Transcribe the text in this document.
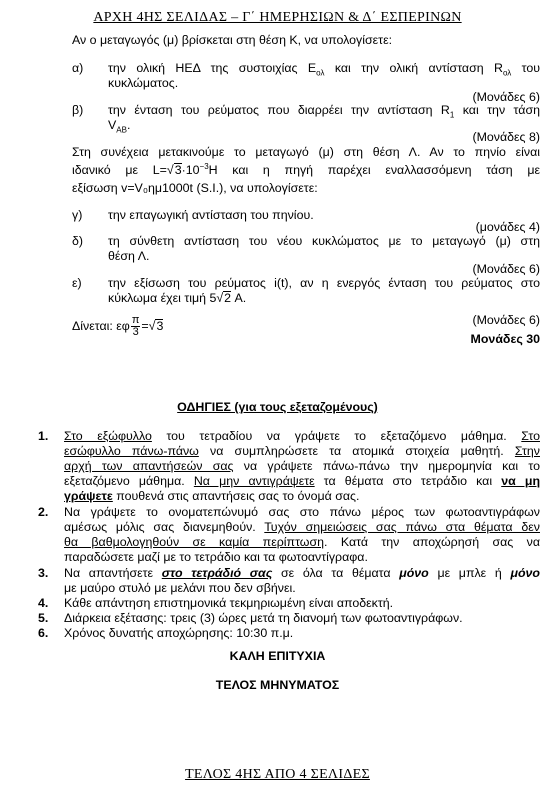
ΑΡΧΗ 4ΗΣ ΣΕΛΙΔΑΣ – Γ΄ ΗΜΕΡΗΣΙΩΝ & Δ΄ ΕΣΠΕΡΙΝΩΝ
Αν ο μεταγωγός (μ) βρίσκεται στη θέση Κ, να υπολογίσετε:
α) την ολική ΗΕΔ της συστοιχίας $E_{o\lambda}$ και την ολική αντίσταση $R_{o\lambda}$ του
κυκλώματος.
(Μονάδες 6)
β) την ένταση του ρεύματος που διαρρέει την αντίσταση $R_1$ και την τάση
$V_{AB}$.
(Μονάδες 8)
Στη συνέχεια μετακινούμε το μεταγωγό (μ) στη θέση Λ. Αν το πηνίο είναι
ιδανικό με $L=√3\cdot 10^{-3}H$ και η πηγή παρέχει εναλλασσόμενη τάση με
εξίσωση v=V₀ημ1000t (S.I.), να υπολογίσετε:
γ) την επαγωγική αντίσταση του πηνίου.
(μονάδες 4)
δ) τη σύνθετη αντίσταση του νέου κυκλώματος με το μεταγωγό (μ) στη
θέση Λ.
(Μονάδες 6)
ε) την εξίσωση του ρεύματος i(t), αν η ενεργός ένταση του ρεύματος στο
κύκλωμα έχει τιμή 5√2 A.
Δίνεται: εφ $\frac{\pi}{3} =√3$	(Μονάδες 6)
Μονάδες 30
ΟΔΗΓΙΕΣ (για τους εξεταζομένους)
1. Στο εξώφυλλο του τετραδίου να γράψετε το εξεταζόμενο μάθημα. Στο
εσώφυλλο πάνω-πάνω να συμπληρώσετε τα ατομικά στοιχεία μαθητή. Στην
αρχή των απαντήσεών σας να γράψετε πάνω-πάνω την ημερομηνία και το
εξεταζόμενο μάθημα. Να μην αντιγράψετε τα θέματα στο τετράδιο και να μη
γράψετε πουθενά στις απαντήσεις σας το όνομά σας.
2. Να γράψετε το ονοματεπώνυμό σας στο πάνω μέρος των φωτοαντιγράφων
αμέσως μόλις σας διανεμηθούν. Τυχόν σημειώσεις σας πάνω στα θέματα δεν
θα βαθμολογηθούν σε καμία περίπτωση. Κατά την αποχώρησή σας να
παραδώσετε μαζί με το τετράδιο και τα φωτοαντίγραφα.
3. Να απαντήσετε στο τετράδιό σας σε όλα τα θέματα μόνο με μπλε ή μόνο
με μαύρο στυλό με μελάνι που δεν σβήνει.
4. Κάθε απάντηση επιστημονικά τεκμηριωμένη είναι αποδεκτή.
5. Διάρκεια εξέτασης: τρεις (3) ώρες μετά τη διανομή των φωτοαντιγράφων.
6. Χρόνος δυνατής αποχώρησης: 10:30 π.μ.
ΚΑΛΗ ΕΠΙΤΥΧΙΑ
ΤΕΛΟΣ ΜΗΝΥΜΑΤΟΣ
ΤΕΛΟΣ 4ΗΣ ΑΠΟ 4 ΣΕΛΙΔΕΣ
